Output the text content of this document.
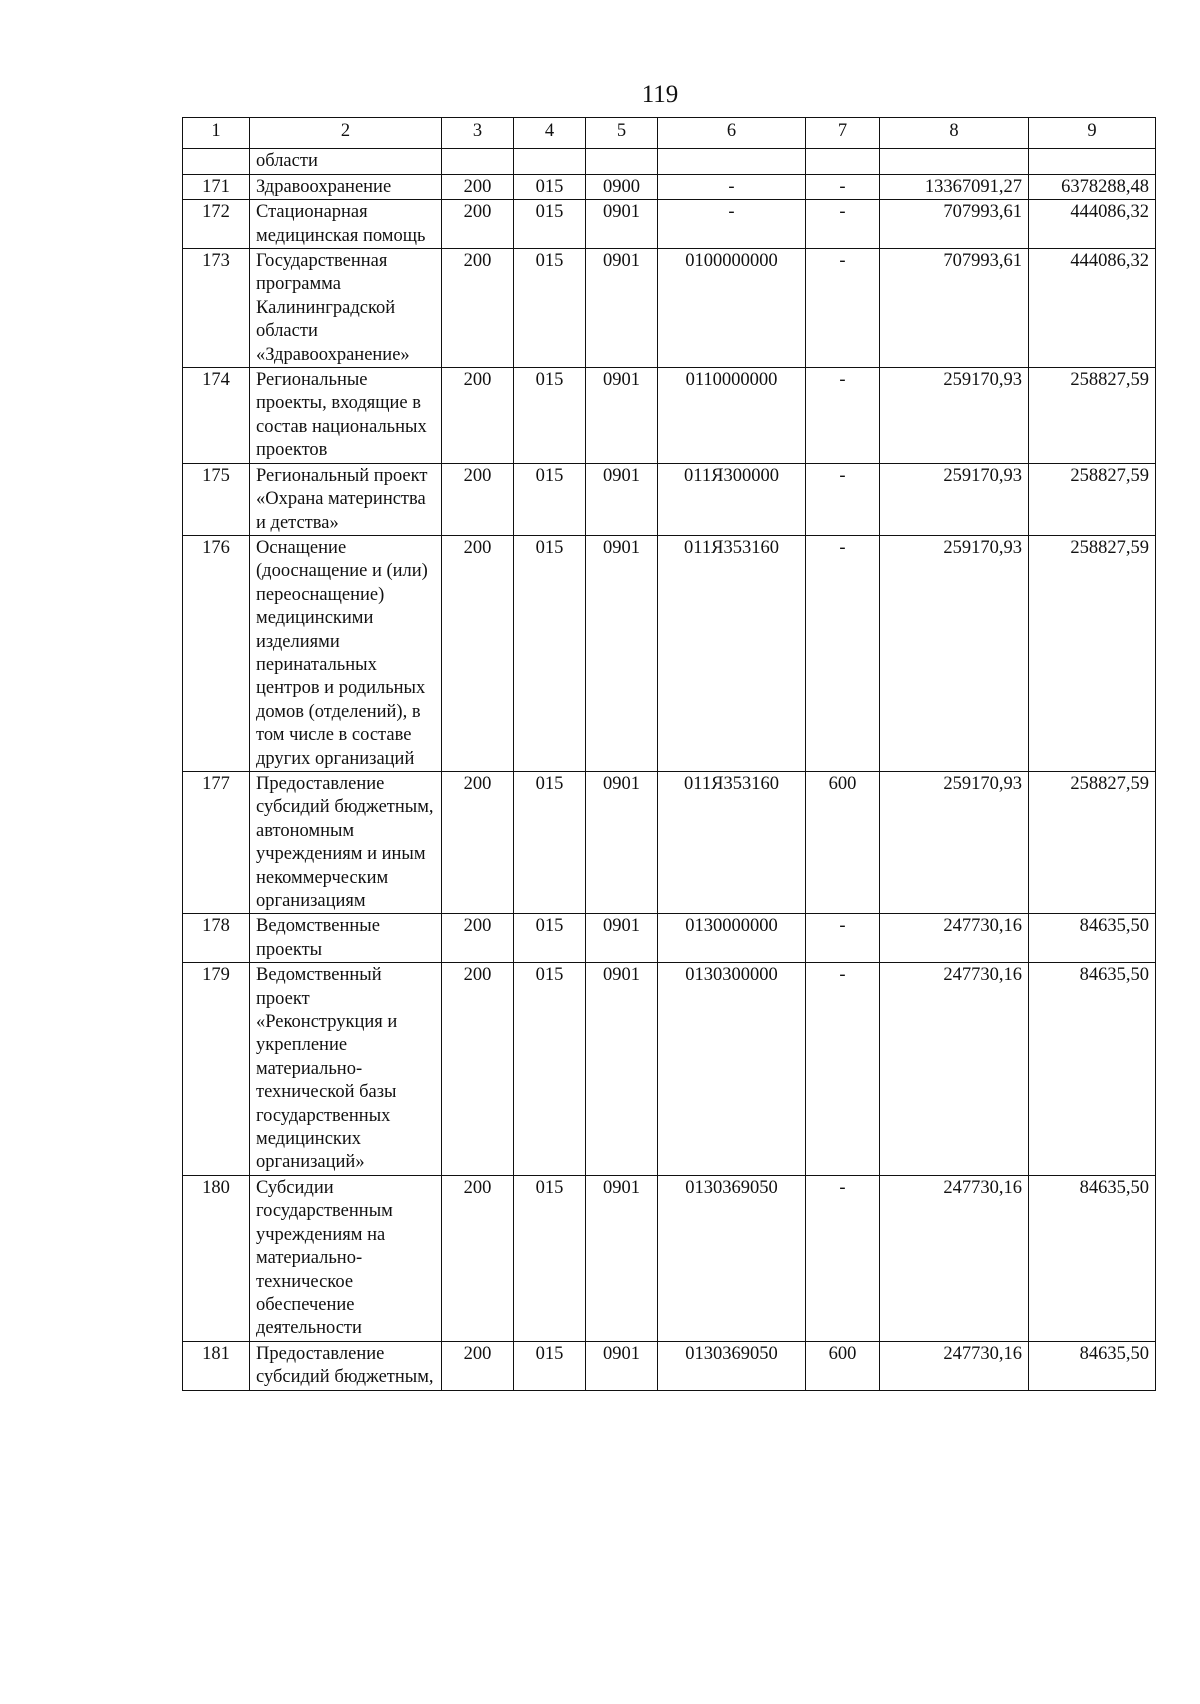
119
1	2	3	4	5	6	7	8	9
	области							
171	Здравоохранение	200	015	0900	-	-	13367091,27	6378288,48
172	Стационарная медицинская помощь	200	015	0901	-	-	707993,61	444086,32
173	Государственная программа Калининградской области «Здравоохранение»	200	015	0901	0100000000	-	707993,61	444086,32
174	Региональные проекты, входящие в состав национальных проектов	200	015	0901	0110000000	-	259170,93	258827,59
175	Региональный проект «Охрана материнства и детства»	200	015	0901	011Я300000	-	259170,93	258827,59
176	Оснащение (дооснащение и (или) переоснащение) медицинскими изделиями перинатальных центров и родильных домов (отделений), в том числе в составе других организаций	200	015	0901	011Я353160	-	259170,93	258827,59
177	Предоставление субсидий бюджетным, автономным учреждениям и иным некоммерческим организациям	200	015	0901	011Я353160	600	259170,93	258827,59
178	Ведомственные проекты	200	015	0901	0130000000	-	247730,16	84635,50
179	Ведомственный проект «Реконструкция и укрепление материально-технической базы государственных медицинских организаций»	200	015	0901	0130300000	-	247730,16	84635,50
180	Субсидии государственным учреждениям на материально-техническое обеспечение деятельности	200	015	0901	0130369050	-	247730,16	84635,50
181	Предоставление субсидий бюджетным,	200	015	0901	0130369050	600	247730,16	84635,50
